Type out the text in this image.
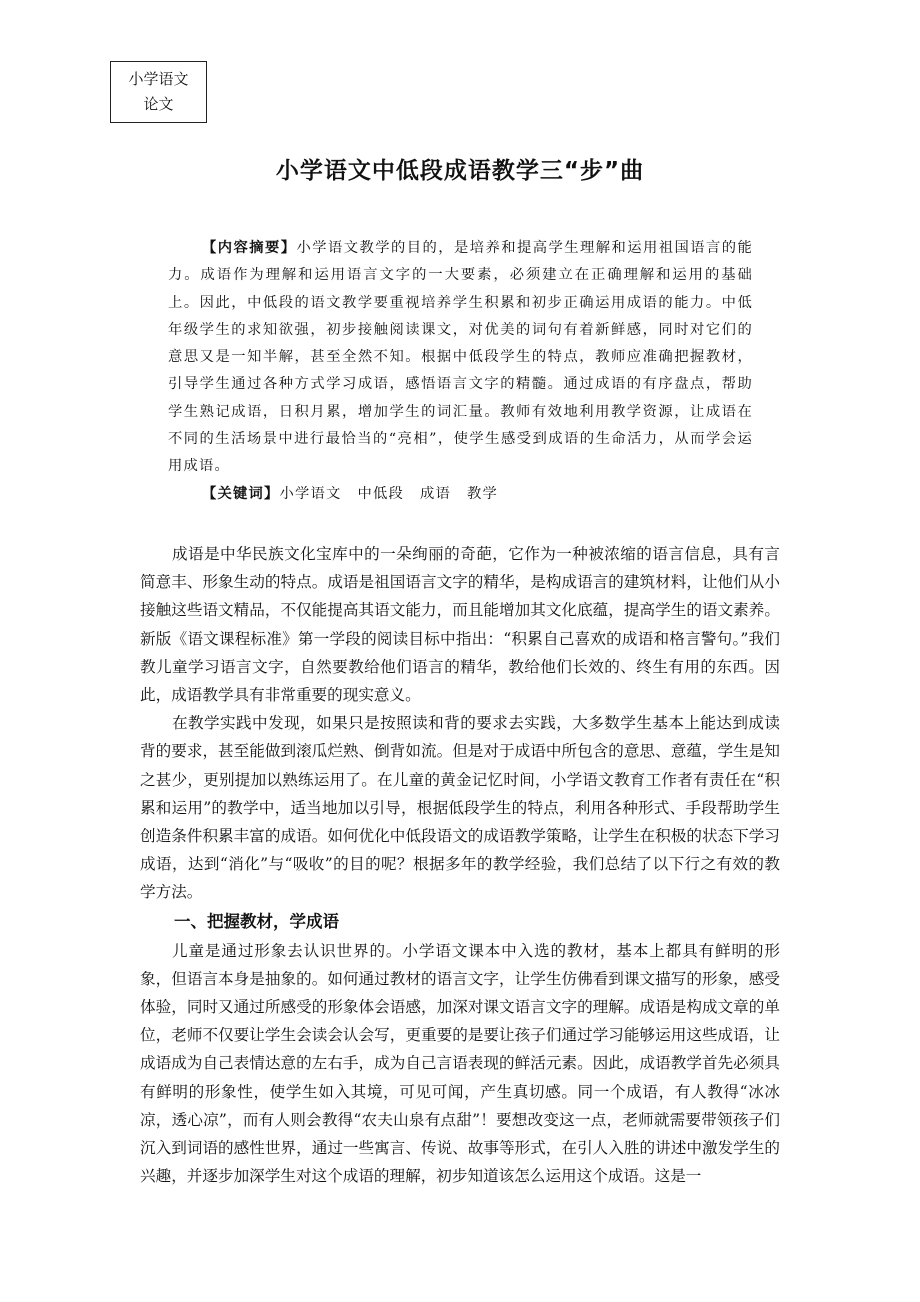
小学语文
论文
小学语文中低段成语教学三“步”曲

【内容摘要】小学语文教学的目的，是培养和提高学生理解和运用祖国语言的能力。成语作为理解和运用语言文字的一大要素，必须建立在正确理解和运用的基础上。因此，中低段的语文教学要重视培养学生积累和初步正确运用成语的能力。中低年级学生的求知欲强，初步接触阅读课文，对优美的词句有着新鲜感，同时对它们的意思又是一知半解，甚至全然不知。根据中低段学生的特点，教师应准确把握教材，引导学生通过各种方式学习成语，感悟语言文字的精髓。通过成语的有序盘点，帮助学生熟记成语，日积月累，增加学生的词汇量。教师有效地利用教学资源，让成语在不同的生活场景中进行最恰当的“亮相”，使学生感受到成语的生命活力，从而学会运用成语。

【关键词】小学语文 中低段 成语 教学

成语是中华民族文化宝库中的一朵绚丽的奇葩，它作为一种被浓缩的语言信息，具有言简意丰、形象生动的特点。成语是祖国语言文字的精华，是构成语言的建筑材料，让他们从小接触这些语文精品，不仅能提高其语文能力，而且能增加其文化底蕴，提高学生的语文素养。新版《语文课程标准》第一学段的阅读目标中指出：“积累自己喜欢的成语和格言警句。”我们教儿童学习语言文字，自然要教给他们语言的精华，教给他们长效的、终生有用的东西。因此，成语教学具有非常重要的现实意义。

在教学实践中发现，如果只是按照读和背的要求去实践，大多数学生基本上能达到成读背的要求，甚至能做到滚瓜烂熟、倒背如流。但是对于成语中所包含的意思、意蕴，学生是知之甚少，更别提加以熟练运用了。在儿童的黄金记忆时间，小学语文教育工作者有责任在“积累和运用”的教学中，适当地加以引导，根据低段学生的特点，利用各种形式、手段帮助学生创造条件积累丰富的成语。如何优化中低段语文的成语教学策略，让学生在积极的状态下学习成语，达到“消化”与“吸收”的目的呢？根据多年的教学经验，我们总结了以下行之有效的教学方法。

一、把握教材，学成语

儿童是通过形象去认识世界的。小学语文课本中入选的教材，基本上都具有鲜明的形象，但语言本身是抽象的。如何通过教材的语言文字，让学生仿佛看到课文描写的形象，感受体验，同时又通过所感受的形象体会语感，加深对课文语言文字的理解。成语是构成文章的单位，老师不仅要让学生会读会认会写，更重要的是要让孩子们通过学习能够运用这些成语，让成语成为自己表情达意的左右手，成为自己言语表现的鲜活元素。因此，成语教学首先必须具有鲜明的形象性，使学生如入其境，可见可闻，产生真切感。同一个成语，有人教得“冰冰凉，透心凉”，而有人则会教得“农夫山泉有点甜”！要想改变这一点，老师就需要带领孩子们沉入到词语的感性世界，通过一些寓言、传说、故事等形式，在引人入胜的讲述中激发学生的兴趣，并逐步加深学生对这个成语的理解，初步知道该怎么运用这个成语。这是一
